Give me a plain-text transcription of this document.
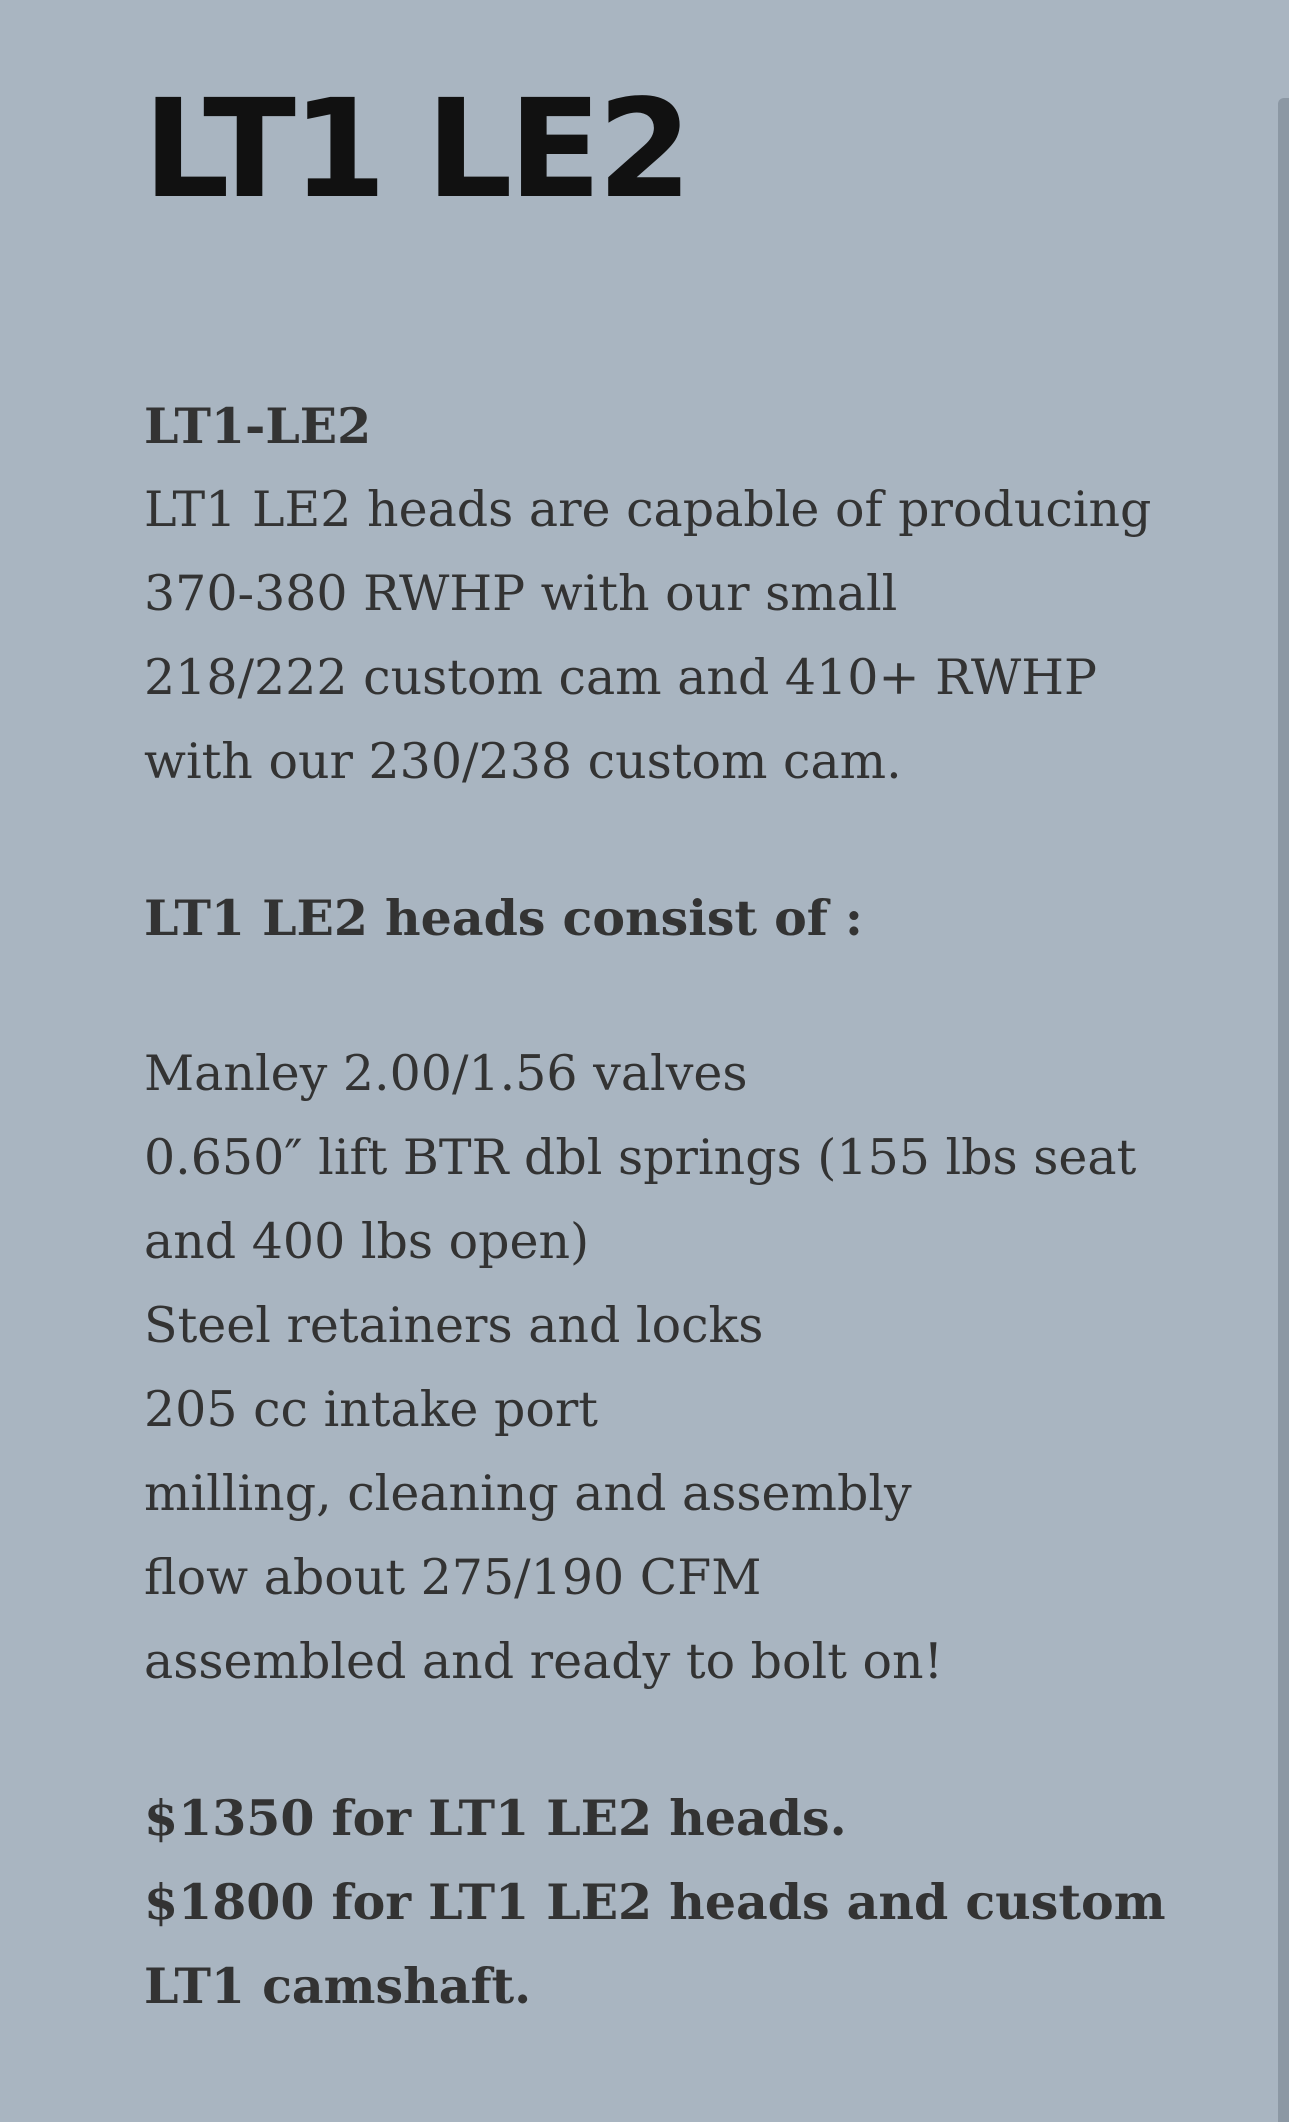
LT1 LE2

LT1-LE2
LT1 LE2 heads are capable of producing
370-380 RWHP with our small
218/222 custom cam and 410+ RWHP
with our 230/238 custom cam.

LT1 LE2 heads consist of :

Manley 2.00/1.56 valves
0.650″ lift BTR dbl springs (155 lbs seat
and 400 lbs open)
Steel retainers and locks
205 cc intake port
milling, cleaning and assembly
flow about 275/190 CFM
assembled and ready to bolt on!

$1350 for LT1 LE2 heads.
$1800 for LT1 LE2 heads and custom
LT1 camshaft.
